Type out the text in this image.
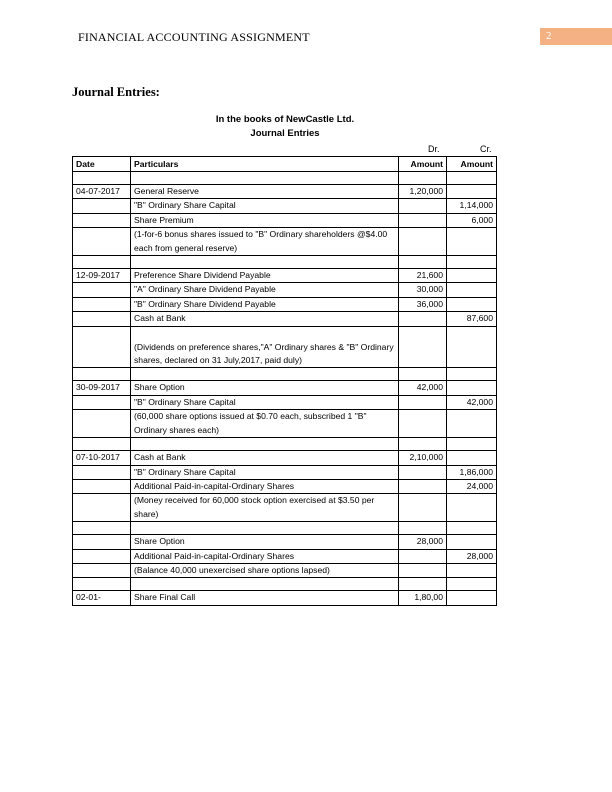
FINANCIAL ACCOUNTING ASSIGNMENT	2
Journal Entries:
In the books of NewCastle Ltd.
Journal Entries
Dr.	Cr.
Date	Particulars	Amount	Amount

04-07-2017	General Reserve	1,20,000	
	"B" Ordinary Share Capital		1,14,000
	Share Premium		6,000
	(1-for-6 bonus shares issued to "B" Ordinary shareholders @$4.00 each from general reserve)		

12-09-2017	Preference Share Dividend Payable	21,600	
	"A" Ordinary Share Dividend Payable	30,000	
	"B" Ordinary Share Dividend Payable	36,000	
	Cash at Bank		87,600
	(Dividends on preference shares,"A" Ordinary shares & "B" Ordinary shares, declared on 31 July,2017, paid duly)		

30-09-2017	Share Option	42,000	
	"B" Ordinary Share Capital		42,000
	(60,000 share options issued at $0.70 each, subscribed 1 "B" Ordinary shares each)		

07-10-2017	Cash at Bank	2,10,000	
	"B" Ordinary Share Capital		1,86,000
	Additional Paid-in-capital-Ordinary Shares		24,000
	(Money received for 60,000 stock option exercised at $3.50 per share)		

	Share Option	28,000	
	Additional Paid-in-capital-Ordinary Shares		28,000
	(Balance 40,000 unexercised share options lapsed)		

02-01-	Share Final Call	1,80,00	
